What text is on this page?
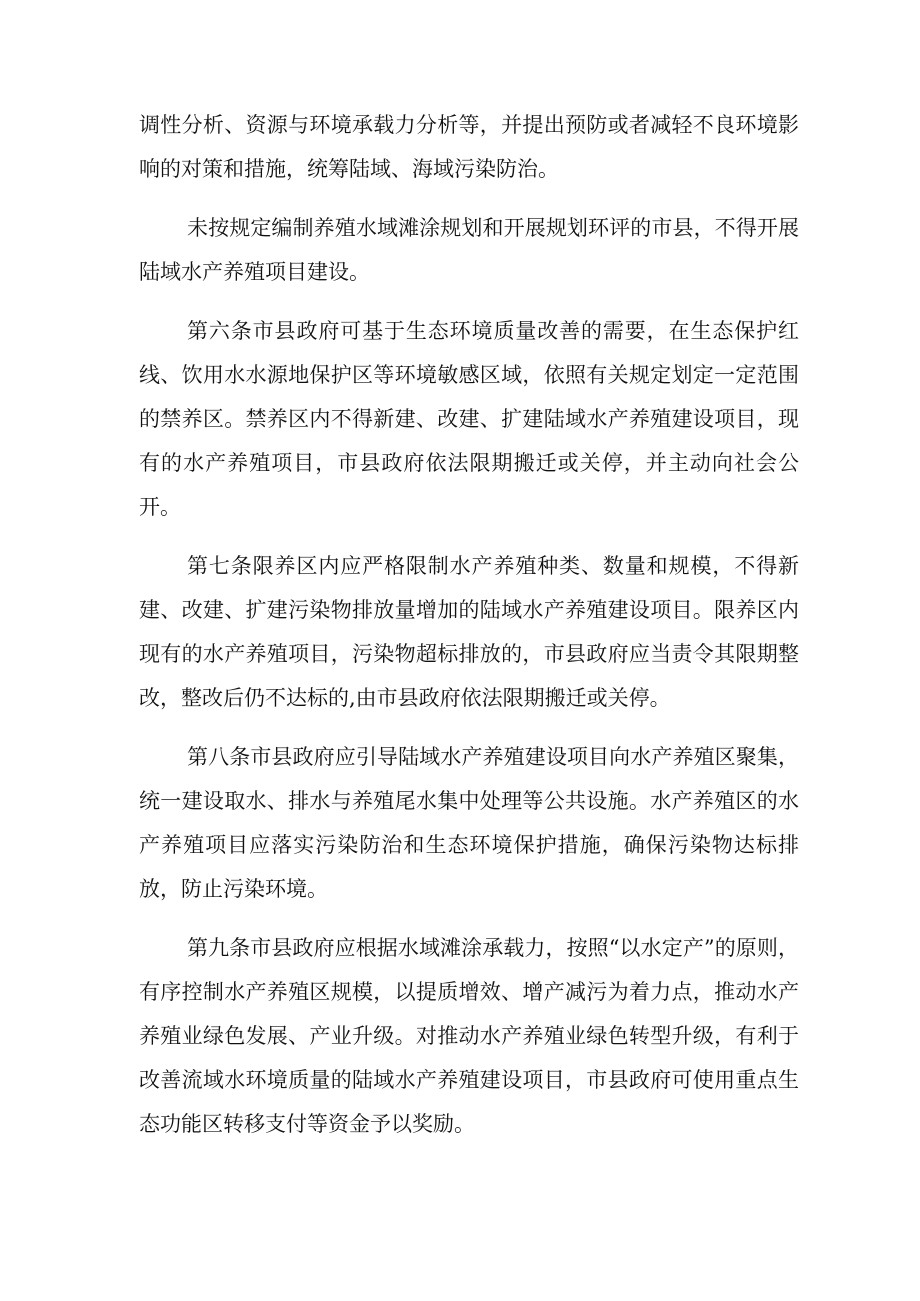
调性分析、资源与环境承载力分析等，并提出预防或者减轻不良环境影响的对策和措施，统筹陆域、海域污染防治。

未按规定编制养殖水域滩涂规划和开展规划环评的市县，不得开展陆域水产养殖项目建设。

第六条市县政府可基于生态环境质量改善的需要，在生态保护红线、饮用水水源地保护区等环境敏感区域，依照有关规定划定一定范围的禁养区。禁养区内不得新建、改建、扩建陆域水产养殖建设项目，现有的水产养殖项目，市县政府依法限期搬迁或关停，并主动向社会公开。

第七条限养区内应严格限制水产养殖种类、数量和规模，不得新建、改建、扩建污染物排放量增加的陆域水产养殖建设项目。限养区内现有的水产养殖项目，污染物超标排放的，市县政府应当责令其限期整改，整改后仍不达标的,由市县政府依法限期搬迁或关停。

第八条市县政府应引导陆域水产养殖建设项目向水产养殖区聚集，统一建设取水、排水与养殖尾水集中处理等公共设施。水产养殖区的水产养殖项目应落实污染防治和生态环境保护措施，确保污染物达标排放，防止污染环境。

第九条市县政府应根据水域滩涂承载力，按照“以水定产”的原则，有序控制水产养殖区规模，以提质增效、增产减污为着力点，推动水产养殖业绿色发展、产业升级。对推动水产养殖业绿色转型升级，有利于改善流域水环境质量的陆域水产养殖建设项目，市县政府可使用重点生态功能区转移支付等资金予以奖励。
